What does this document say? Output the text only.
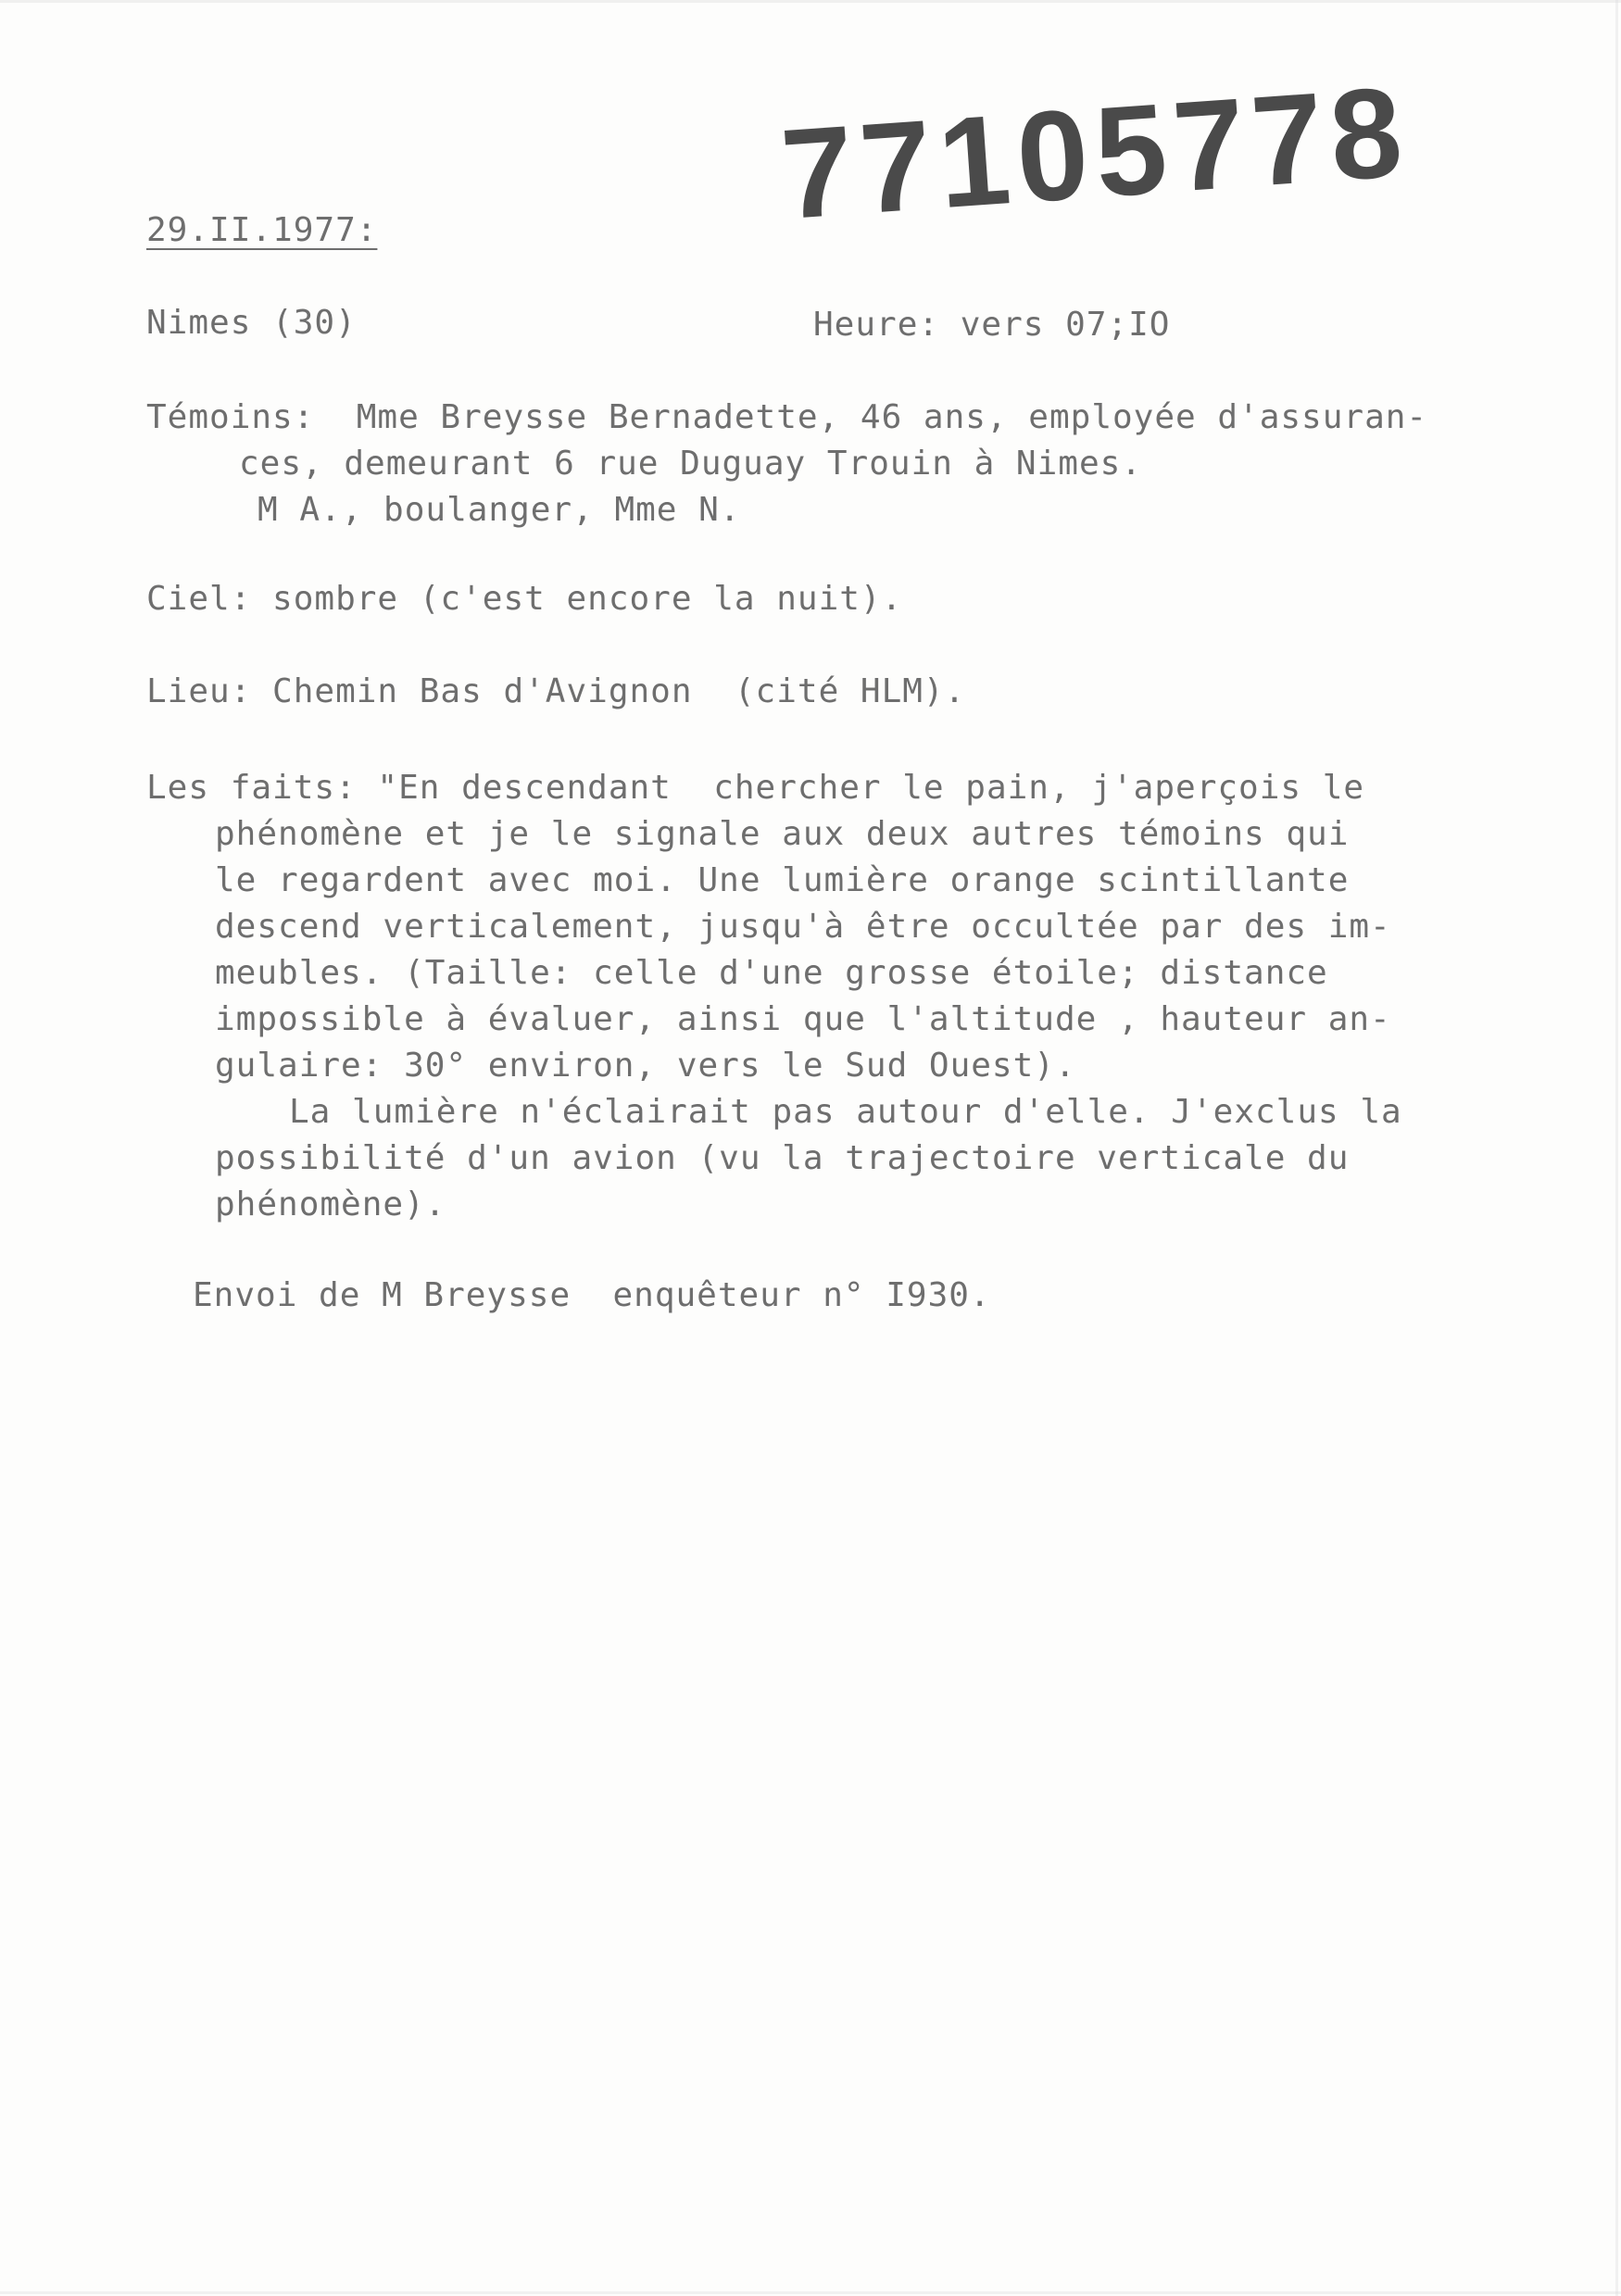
77105778

29.II.1977:

Nimes (30)	Heure: vers 07;IO

Témoins:  Mme Breysse Bernadette, 46 ans, employée d'assuran-
ces, demeurant 6 rue Duguay Trouin à Nimes.
M A., boulanger, Mme N.

Ciel: sombre (c'est encore la nuit).

Lieu: Chemin Bas d'Avignon  (cité HLM).

Les faits: "En descendant  chercher le pain, j'aperçois le
phénomène et je le signale aux deux autres témoins qui
le regardent avec moi. Une lumière orange scintillante
descend verticalement, jusqu'à être occultée par des im-
meubles. (Taille: celle d'une grosse étoile; distance
impossible à évaluer, ainsi que l'altitude , hauteur an-
gulaire: 30° environ, vers le Sud Ouest).
La lumière n'éclairait pas autour d'elle. J'exclus la
possibilité d'un avion (vu la trajectoire verticale du
phénomène).

Envoi de M Breysse  enquêteur n° I930.
